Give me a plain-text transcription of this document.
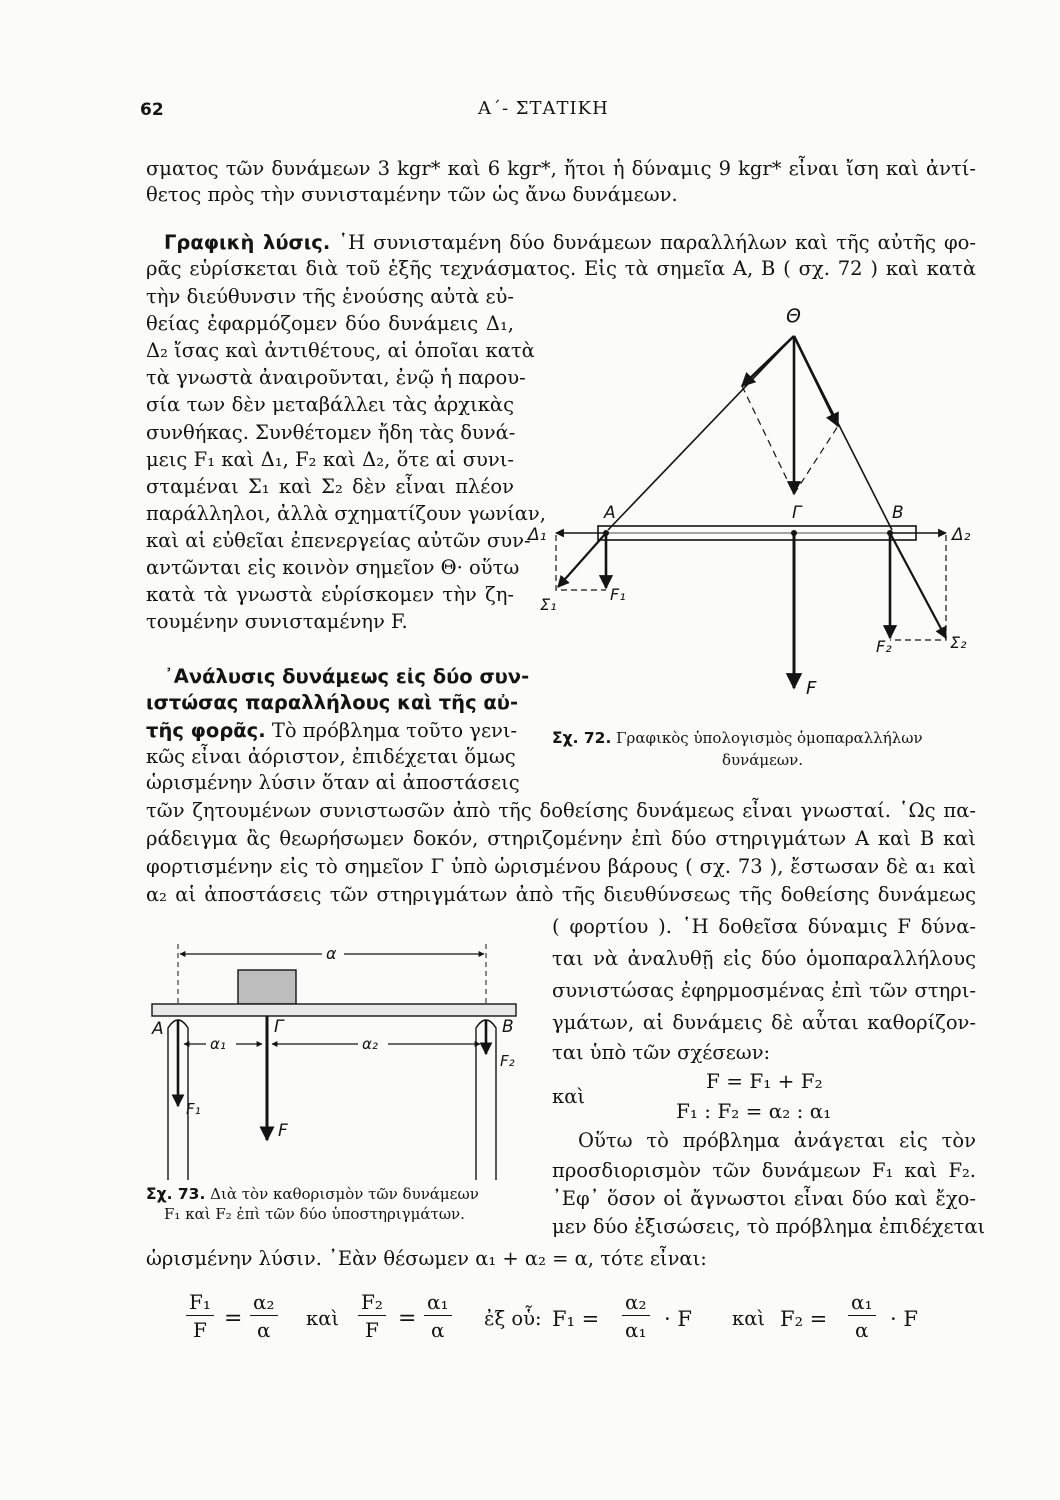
62	Α΄- ΣΤΑΤΙΚΗ
σματος τῶν δυνάμεων 3 kgr* καὶ 6 kgr*, ἤτοι ἡ δύναμις 9 kgr* εἶναι ἴση καὶ ἀντί-
θετος πρὸς τὴν συνισταμένην τῶν ὡς ἄνω δυνάμεων.
Γραφικὴ λύσις. ῾Η συνισταμένη δύο δυνάμεων παραλλήλων καὶ τῆς αὐτῆς φο-
ρᾶς εὑρίσκεται διὰ τοῦ ἑξῆς τεχνάσματος. Εἰς τὰ σημεῖα Α, Β ( σχ. 72 ) καὶ κατὰ
τὴν διεύθυνσιν τῆς ἑνούσης αὐτὰ εὐ-
θείας ἐφαρμόζομεν δύο δυνάμεις Δ₁,
Δ₂ ἴσας καὶ ἀντιθέτους, αἱ ὁποῖαι κατὰ
τὰ γνωστὰ ἀναιροῦνται, ἐνῷ ἡ παρου-
σία των δὲν μεταβάλλει τὰς ἀρχικὰς
συνθήκας. Συνθέτομεν ἤδη τὰς δυνά-
μεις F₁ καὶ Δ₁, F₂ καὶ Δ₂, ὅτε αἱ συνι-
σταμέναι Σ₁ καὶ Σ₂ δὲν εἶναι πλέον
παράλληλοι, ἀλλὰ σχηματίζουν γωνίαν,
καὶ αἱ εὐθεῖαι ἐπενεργείας αὐτῶν συν-
αντῶνται εἰς κοινὸν σημεῖον Θ· οὕτω
κατὰ τὰ γνωστὰ εὑρίσκομεν τὴν ζη-
τουμένην συνισταμένην F.
᾿Ανάλυσις δυνάμεως εἰς δύο συν-
ιστώσας παραλλήλους καὶ τῆς αὐ-
τῆς φορᾶς. Τὸ πρόβλημα τοῦτο γενι-
κῶς εἶναι ἀόριστον, ἐπιδέχεται ὅμως
ὡρισμένην λύσιν ὅταν αἱ ἀποστάσεις
τῶν ζητουμένων συνιστωσῶν ἀπὸ τῆς δοθείσης δυνάμεως εἶναι γνωσταί. ῾Ως πα-
ράδειγμα ἂς θεωρήσωμεν δοκόν, στηριζομένην ἐπὶ δύο στηριγμάτων Α καὶ Β καὶ
φορτισμένην εἰς τὸ σημεῖον Γ ὑπὸ ὡρισμένου βάρους ( σχ. 73 ), ἔστωσαν δὲ α₁ καὶ
α₂ αἱ ἀποστάσεις τῶν στηριγμάτων ἀπὸ τῆς διευθύνσεως τῆς δοθείσης δυνάμεως
( φορτίου ). ῾Η δοθεῖσα δύναμις F δύνα-
ται νὰ ἀναλυθῇ εἰς δύο ὁμοπαραλλήλους
συνιστώσας ἐφηρμοσμένας ἐπὶ τῶν στηρι-
γμάτων, αἱ δυνάμεις δὲ αὗται καθορίζον-
ται ὑπὸ τῶν σχέσεων:
F = F₁ + F₂
καὶ
F₁ : F₂ = α₂ : α₁
Οὕτω τὸ πρόβλημα ἀνάγεται εἰς τὸν
προσδιορισμὸν τῶν δυνάμεων F₁ καὶ F₂.
᾿Εφ᾽ ὅσον οἱ ἄγνωστοι εἶναι δύο καὶ ἔχο-
μεν δύο ἐξισώσεις, τὸ πρόβλημα ἐπιδέχεται
ὡρισμένην λύσιν. ᾿Εὰν θέσωμεν α₁ + α₂ = α, τότε εἶναι:
$\frac{\text{F₁}}{F} = \frac{\text{α₂}}{\alpha}$ καὶ $\frac{\text{F₂}}{F} = \frac{\text{α₁}}{\alpha}$ ἐξ οὗ: $F_1 = \frac{\text{α₂}}{\text{α₁}} \cdot F$ καὶ $F_2 = \frac{\text{α₁}}{\alpha} \cdot F$
Θ
A	Γ	B
Δ₁	Δ₂
Σ₁
F₁
F₂	Σ₂
F
Σχ. 72. Γραφικὸς ὑπολογισμὸς ὁμοπαραλλήλων
δυνάμεων.
α
A
α₁
Γ
α₂
B
F₂
F₁
F
Σχ. 73. Διὰ τὸν καθορισμὸν τῶν δυνάμεων
F₁ καὶ F₂ ἐπὶ τῶν δύο ὑποστηριγμάτων.
